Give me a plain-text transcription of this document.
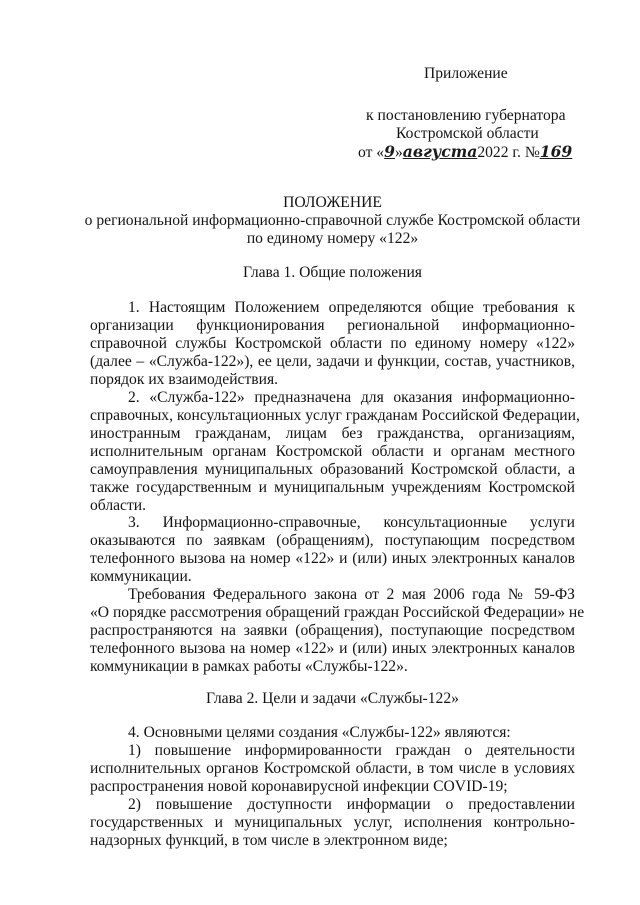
Приложение
к постановлению губернатора
Костромской области
от «9»августа2022 г. №169
ПОЛОЖЕНИЕ
о региональной информационно-справочной службе Костромской области
по единому номеру «122»
Глава 1. Общие положения
1. Настоящим Положением определяются общие требования к
организации функционирования региональной информационно-
справочной службы Костромской области по единому номеру «122»
(далее – «Служба-122»), ее цели, задачи и функции, состав, участников,
порядок их взаимодействия.
2. «Служба-122» предназначена для оказания информационно-
справочных, консультационных услуг гражданам Российской Федерации,
иностранным гражданам, лицам без гражданства, организациям,
исполнительным органам Костромской области и органам местного
самоуправления муниципальных образований Костромской области, а
также государственным и муниципальным учреждениям Костромской
области.
3. Информационно-справочные, консультационные услуги
оказываются по заявкам (обращениям), поступающим посредством
телефонного вызова на номер «122» и (или) иных электронных каналов
коммуникации.
Требования Федерального закона от 2 мая 2006 года № 59-ФЗ
«О порядке рассмотрения обращений граждан Российской Федерации» не
распространяются на заявки (обращения), поступающие посредством
телефонного вызова на номер «122» и (или) иных электронных каналов
коммуникации в рамках работы «Службы-122».
Глава 2. Цели и задачи «Службы-122»
4. Основными целями создания «Службы-122» являются:
1) повышение информированности граждан о деятельности
исполнительных органов Костромской области, в том числе в условиях
распространения новой коронавирусной инфекции COVID-19;
2) повышение доступности информации о предоставлении
государственных и муниципальных услуг, исполнения контрольно-
надзорных функций, в том числе в электронном виде;
